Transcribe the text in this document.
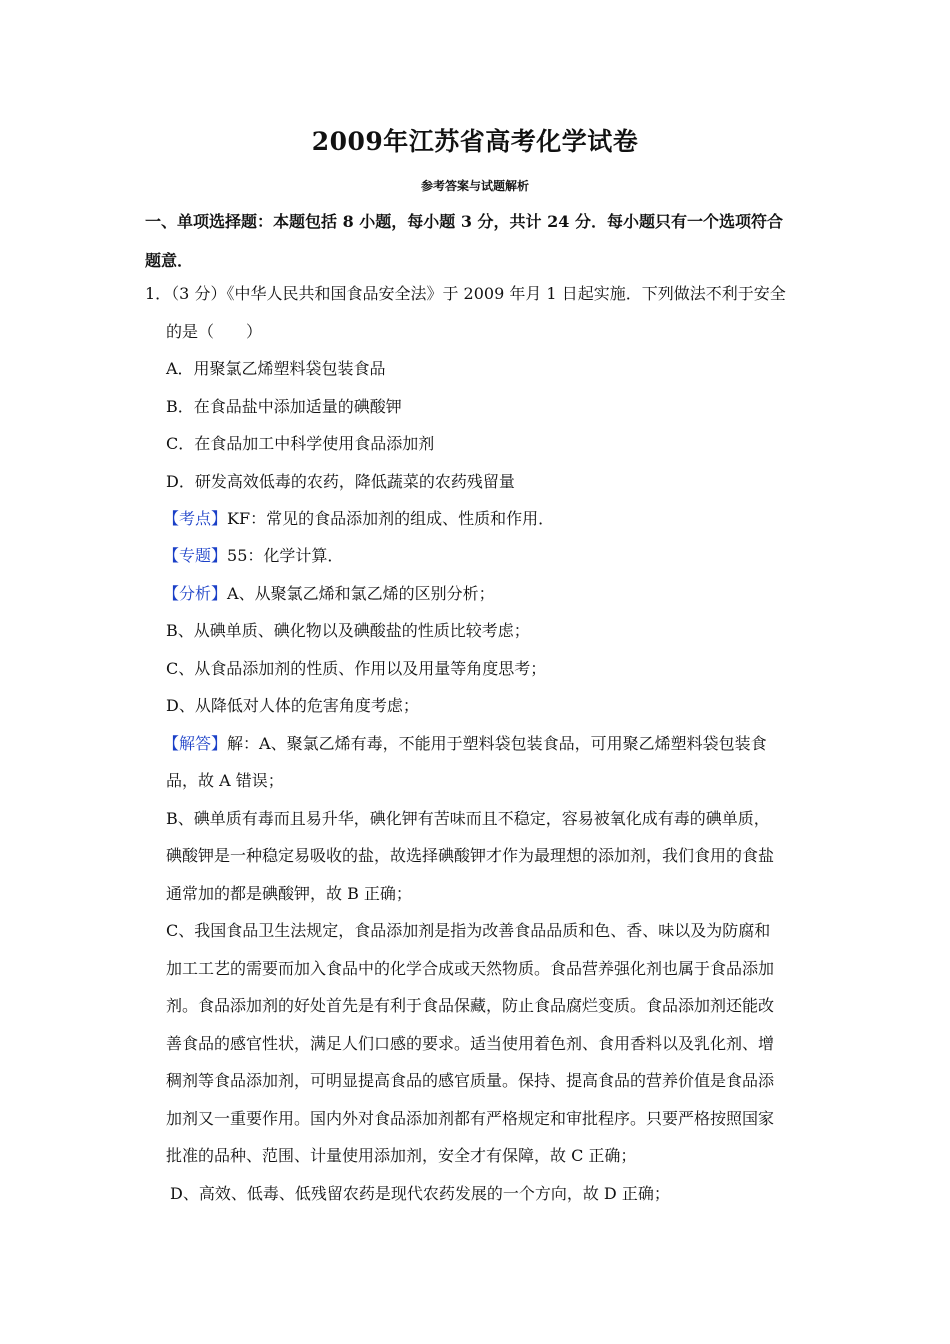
2009年江苏省高考化学试卷
参考答案与试题解析
一、单项选择题：本题包括 8 小题，每小题 3 分，共计 24 分．每小题只有一个选项符合
题意．
1．（3 分）《中华人民共和国食品安全法》于 2009 年月 1 日起实施．下列做法不利于安全
的是（　　）
A．用聚氯乙烯塑料袋包装食品
B．在食品盐中添加适量的碘酸钾
C．在食品加工中科学使用食品添加剂
D．研发高效低毒的农药，降低蔬菜的农药残留量
【考点】KF：常见的食品添加剂的组成、性质和作用．
【专题】55：化学计算．
【分析】A、从聚氯乙烯和氯乙烯的区别分析；
B、从碘单质、碘化物以及碘酸盐的性质比较考虑；
C、从食品添加剂的性质、作用以及用量等角度思考；
D、从降低对人体的危害角度考虑；
【解答】解：A、聚氯乙烯有毒，不能用于塑料袋包装食品，可用聚乙烯塑料袋包装食
品，故 A 错误；
B、碘单质有毒而且易升华，碘化钾有苦味而且不稳定，容易被氧化成有毒的碘单质，
碘酸钾是一种稳定易吸收的盐，故选择碘酸钾才作为最理想的添加剂，我们食用的食盐
通常加的都是碘酸钾，故 B 正确；
C、我国食品卫生法规定，食品添加剂是指为改善食品品质和色、香、味以及为防腐和
加工工艺的需要而加入食品中的化学合成或天然物质。食品营养强化剂也属于食品添加
剂。食品添加剂的好处首先是有利于食品保藏，防止食品腐烂变质。食品添加剂还能改
善食品的感官性状，满足人们口感的要求。适当使用着色剂、食用香料以及乳化剂、增
稠剂等食品添加剂，可明显提高食品的感官质量。保持、提高食品的营养价值是食品添
加剂又一重要作用。国内外对食品添加剂都有严格规定和审批程序。只要严格按照国家
批准的品种、范围、计量使用添加剂，安全才有保障，故 C 正确；
D、高效、低毒、低残留农药是现代农药发展的一个方向，故 D 正确；
